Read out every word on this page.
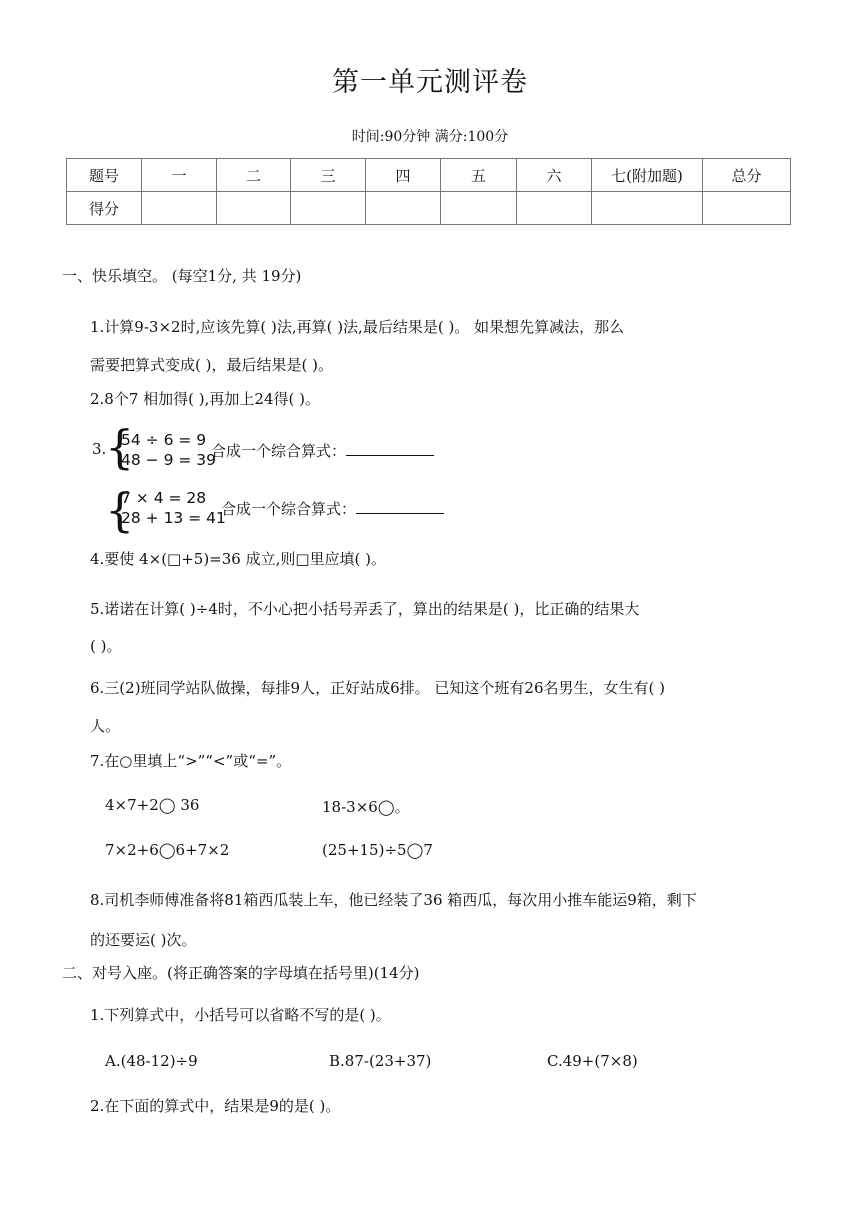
第一单元测评卷
时间:90分钟 满分:100分
题号	一	二	三	四	五	六	七(附加题)	总分
得分								
一、快乐填空。 (每空1分, 共 19分)
1.计算9-3×2时,应该先算( )法,再算( )法,最后结果是( )。 如果想先算减法，那么
需要把算式变成( )，最后结果是( )。
2.8个7 相加得( ),再加上24得( )。
3.
{
54 ÷ 6 = 9
48 − 9 = 39
合成一个综合算式：
{
7 × 4 = 28
28 + 13 = 41
合成一个综合算式：
4.要使 4×(□+5)=36 成立,则□里应填( )。
5.诺诺在计算( )÷4时，不小心把小括号弄丢了，算出的结果是( )，比正确的结果大
( )。
6.三(2)班同学站队做操，每排9人，正好站成6排。 已知这个班有26名男生，女生有( )
人。
7.在○里填上“>”“<”或“=”。
4×7+2◯ 36	18-3×6◯。
7×2+6◯6+7×2	(25+15)÷5◯7
8.司机李师傅准备将81箱西瓜装上车，他已经装了36 箱西瓜，每次用小推车能运9箱，剩下
的还要运( )次。
二、对号入座。(将正确答案的字母填在括号里)(14分)
1.下列算式中，小括号可以省略不写的是( )。
A.(48-12)÷9	B.87-(23+37)	C.49+(7×8)
2.在下面的算式中，结果是9的是( )。
